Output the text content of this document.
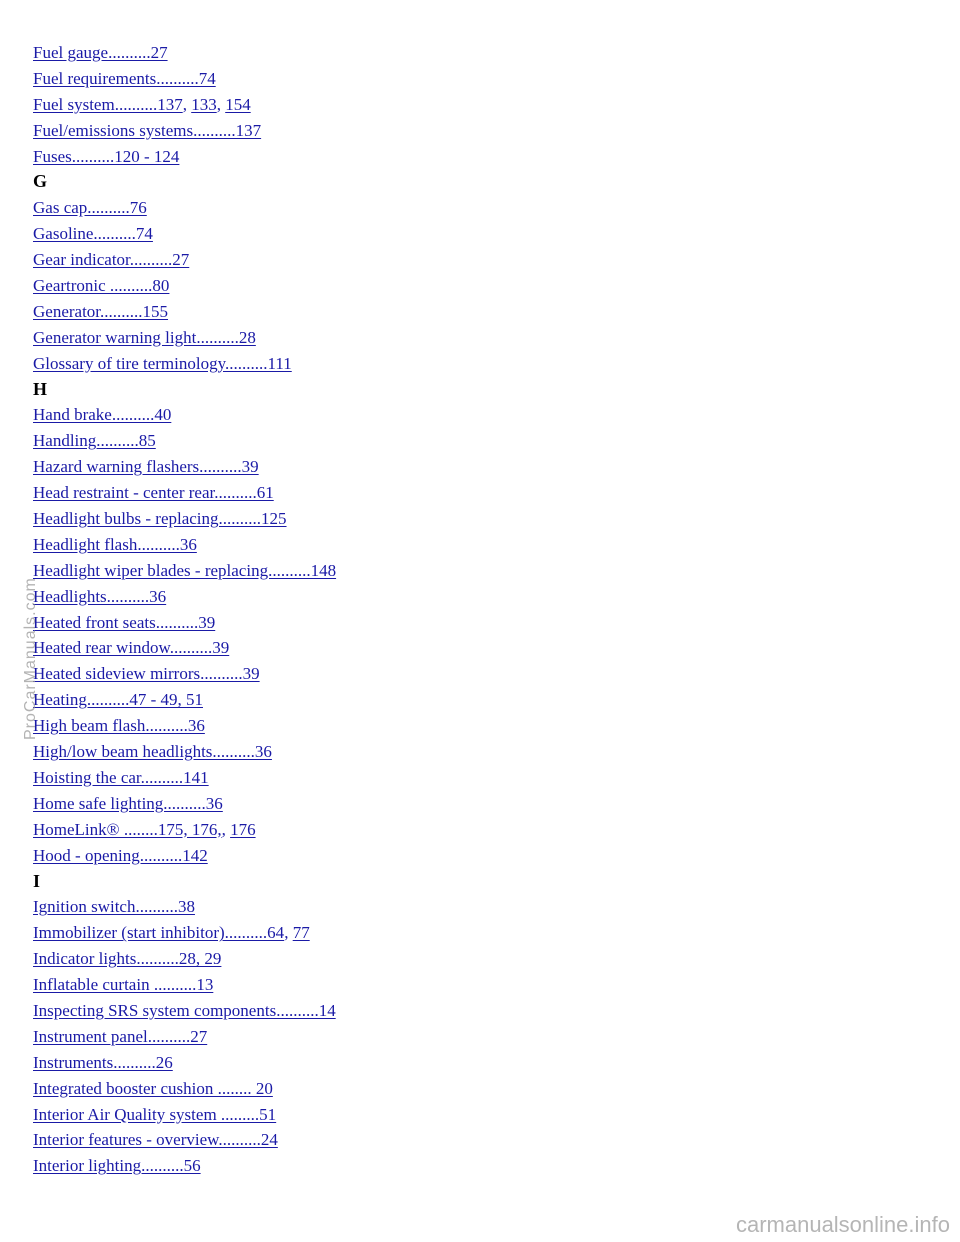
Fuel gauge..........27
Fuel requirements..........74
Fuel system..........137, 133, 154
Fuel/emissions systems..........137
Fuses..........120 - 124
G
Gas cap..........76
Gasoline..........74
Gear indicator..........27
Geartronic ..........80
Generator..........155
Generator warning light..........28
Glossary of tire terminology..........111
H
Hand brake..........40
Handling..........85
Hazard warning flashers..........39
Head restraint - center rear..........61
Headlight bulbs - replacing..........125
Headlight flash..........36
Headlight wiper blades - replacing..........148
Headlights..........36
Heated front seats..........39
Heated rear window..........39
Heated sideview mirrors..........39
Heating..........47 - 49, 51
High beam flash..........36
High/low beam headlights..........36
Hoisting the car..........141
Home safe lighting..........36
HomeLink® ........175, 176,, 176
Hood - opening..........142
I
Ignition switch..........38
Immobilizer (start inhibitor)..........64, 77
Indicator lights..........28, 29
Inflatable curtain ..........13
Inspecting SRS system components..........14
Instrument panel..........27
Instruments..........26
Integrated booster cushion ........ 20
Interior Air Quality system .........51
Interior features - overview..........24
Interior lighting..........56
ProCarManuals.com
carmanualsonline.info
